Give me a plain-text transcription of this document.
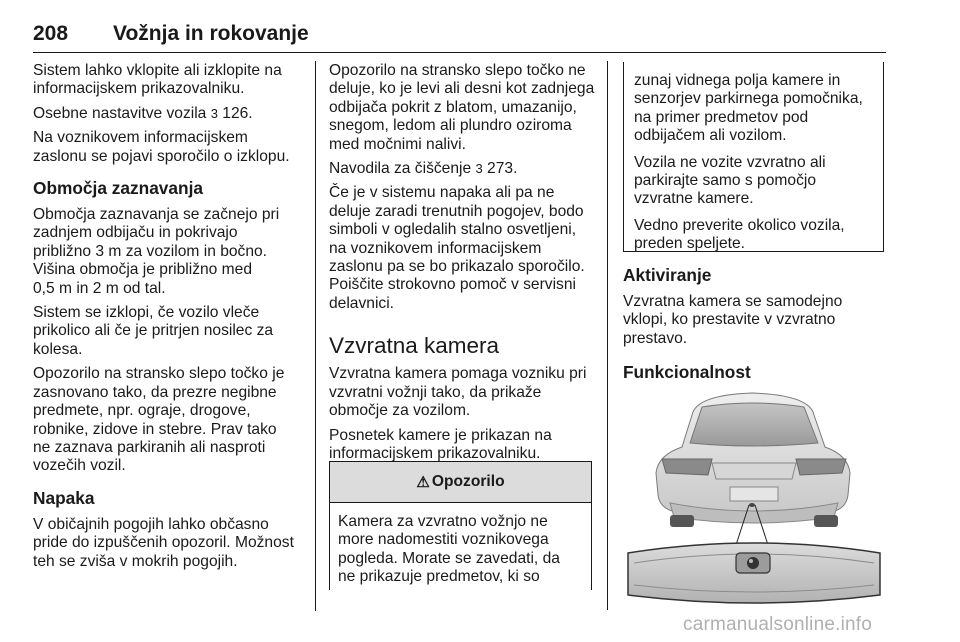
208 Vožnja in rokovanje

Sistem lahko vklopite ali izklopite na
informacijskem prikazovalniku.

Osebne nastavitve vozila 3 126.

Na voznikovem informacijskem
zaslonu se pojavi sporočilo o izklopu.

Območja zaznavanja

Območja zaznavanja se začnejo pri
zadnjem odbijaču in pokrivajo
približno 3 m za vozilom in bočno.
Višina območja je približno med
0,5 m in 2 m od tal.

Sistem se izklopi, če vozilo vleče
prikolico ali če je pritrjen nosilec za
kolesa.

Opozorilo na stransko slepo točko je
zasnovano tako, da prezre negibne
predmete, npr. ograje, drogove,
robnike, zidove in stebre. Prav tako
ne zaznava parkiranih ali nasproti
vozečih vozil.

Napaka

V običajnih pogojih lahko občasno
pride do izpuščenih opozoril. Možnost
teh se zviša v mokrih pogojih.

Opozorilo na stransko slepo točko ne
deluje, ko je levi ali desni kot zadnjega
odbijača pokrit z blatom, umazanijo,
snegom, ledom ali plundro oziroma
med močnimi nalivi.

Navodila za čiščenje 3 273.

Če je v sistemu napaka ali pa ne
deluje zaradi trenutnih pogojev, bodo
simboli v ogledalih stalno osvetljeni,
na voznikovem informacijskem
zaslonu pa se bo prikazalo sporočilo.
Poiščite strokovno pomoč v servisni
delavnici.

Vzvratna kamera

Vzvratna kamera pomaga vozniku pri
vzvratni vožnji tako, da prikaže
območje za vozilom.

Posnetek kamere je prikazan na
informacijskem prikazovalniku.

⚠ Opozorilo
Kamera za vzvratno vožnjo ne
more nadomestiti voznikovega
pogleda. Morate se zavedati, da
ne prikazuje predmetov, ki so

zunaj vidnega polja kamere in
senzorjev parkirnega pomočnika,
na primer predmetov pod
odbijačem ali vozilom.

Vozila ne vozite vzvratno ali
parkirajte samo s pomočjo
vzvratne kamere.

Vedno preverite okolico vozila,
preden speljete.

Aktiviranje

Vzvratna kamera se samodejno
vklopi, ko prestavite v vzvratno
prestavo.

Funkcionalnost
carmanualsonline.info
